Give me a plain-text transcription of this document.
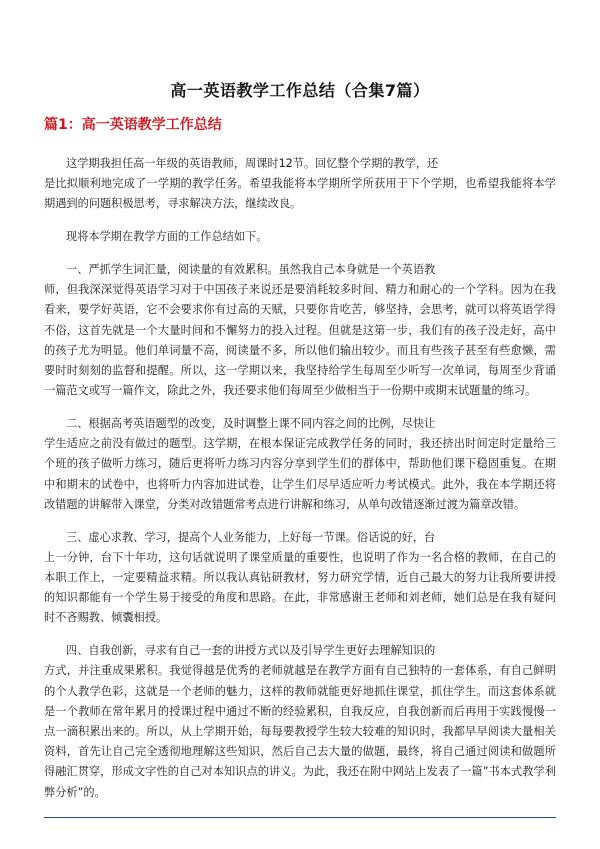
高一英语教学工作总结（合集7篇）
篇1：高一英语教学工作总结

这学期我担任高一年级的英语教师，周课时12节。回忆整个学期的教学，还
是比拟顺利地完成了一学期的教学任务。希望我能将本学期所学所获用于下个学期，也希望我能将本学期遇到的问题积极思考，寻求解决方法，继续改良。

现将本学期在教学方面的工作总结如下。

一、严抓学生词汇量，阅读量的有效累积。虽然我自己本身就是一个英语教
师，但我深深觉得英语学习对于中国孩子来说还是要消耗较多时间、精力和耐心的一个学科。因为在我看来，要学好英语，它不会要求你有过高的天赋，只要你肯吃苦，够坚持，会思考，就可以将英语学得不俗，这首先就是一个大量时间和不懈努力的投入过程。但就是这第一步，我们有的孩子没走好，高中的孩子尤为明显。他们单词量不高，阅读量不多，所以他们输出较少。而且有些孩子甚至有些愈懒，需要时时刻刻的监督和提醒。所以，这一学期以来，我坚持给学生每周至少听写一次单词，每周至少背诵一篇范文或写一篇作文，除此之外，我还要求他们每周至少做相当于一份期中或期末试题量的练习。

二、根据高考英语题型的改变，及时调整上课不同内容之间的比例，尽快让
学生适应之前没有做过的题型。这学期，在根本保证完成教学任务的同时，我还挤出时间定时定量给三个班的孩子做听力练习，随后更将听力练习内容分享到学生们的群体中，帮助他们课下稳固重复。在期中和期末的试卷中，也将听力内容加进试卷，让学生们尽早适应听力考试模式。此外，我在本学期还将改错题的讲解带入课堂，分类对改错题常考点进行讲解和练习，从单句改错逐渐过渡为篇章改错。

三、虚心求教、学习，提高个人业务能力，上好每一节课。俗话说的好，台
上一分钟，台下十年功，这句话就说明了课堂质量的重要性，也说明了作为一名合格的教师，在自己的本职工作上，一定要精益求精。所以我认真钻研教材，努力研究学情，近自己最大的努力让我所要讲授的知识都能有一个学生易于接受的角度和思路。在此，非常感谢王老师和刘老师，她们总是在我有疑问时不吝赐教、倾囊相授。

四、自我创新，寻求有自己一套的讲授方式以及引导学生更好去理解知识的
方式，并注重成果累积。我觉得越是优秀的老师就越是在教学方面有自己独特的一套体系，有自己鲜明的个人教学色彩，这就是一个老师的魅力，这样的教师就能更好地抓住课堂，抓住学生。而这套体系就是一个教师在常年累月的授课过程中通过不断的经验累积，自我反应，自我创新而后再用于实践慢慢一点一滴积累出来的。所以，从上学期开始，每每要教授学生较大较难的知识时，我都早早阅读大量相关资料，首先让自己完全透彻地理解这些知识，然后自己去大量的做题，最终，将自己通过阅读和做题所得融汇贯穿，形成文字性的自己对本知识点的讲义。为此，我还在附中网站上发表了一篇”书本式教学利弊分析”的。
